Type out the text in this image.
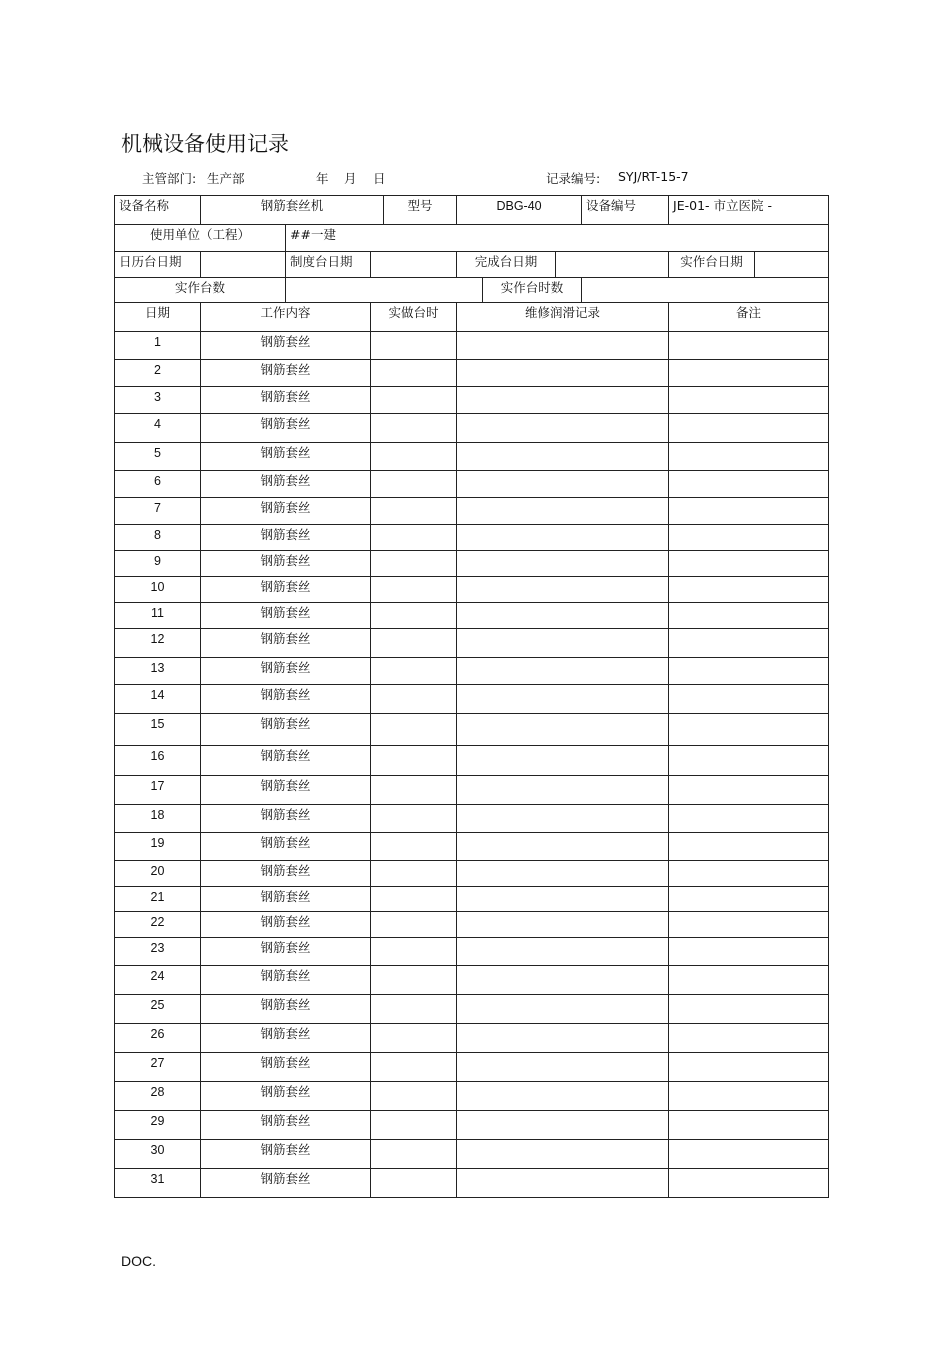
机械设备使用记录
主管部门: 生产部	年 月 日	记录编号: SYJ/RT-15-7
设备名称	钢筋套丝机			型号	DBG-40			设备编号	JE-01- 市立医院 -	
使用单位（工程）		##一建								
日历台日期		制度台日期			完成台日期				实作台日期	
实作台数						实作台时数				
日期	工作内容		实做台时		维修润滑记录				备注	
1	钢筋套丝									
2	钢筋套丝									
3	钢筋套丝									
4	钢筋套丝									
5	钢筋套丝									
6	钢筋套丝									
7	钢筋套丝									
8	钢筋套丝									
9	钢筋套丝									
10	钢筋套丝									
11	钢筋套丝									
12	钢筋套丝									
13	钢筋套丝									
14	钢筋套丝									
15	钢筋套丝									
16	钢筋套丝									
17	钢筋套丝									
18	钢筋套丝									
19	钢筋套丝									
20	钢筋套丝									
21	钢筋套丝									
22	钢筋套丝									
23	钢筋套丝									
24	钢筋套丝									
25	钢筋套丝									
26	钢筋套丝									
27	钢筋套丝									
28	钢筋套丝									
29	钢筋套丝									
30	钢筋套丝									
31	钢筋套丝									
DOC.
